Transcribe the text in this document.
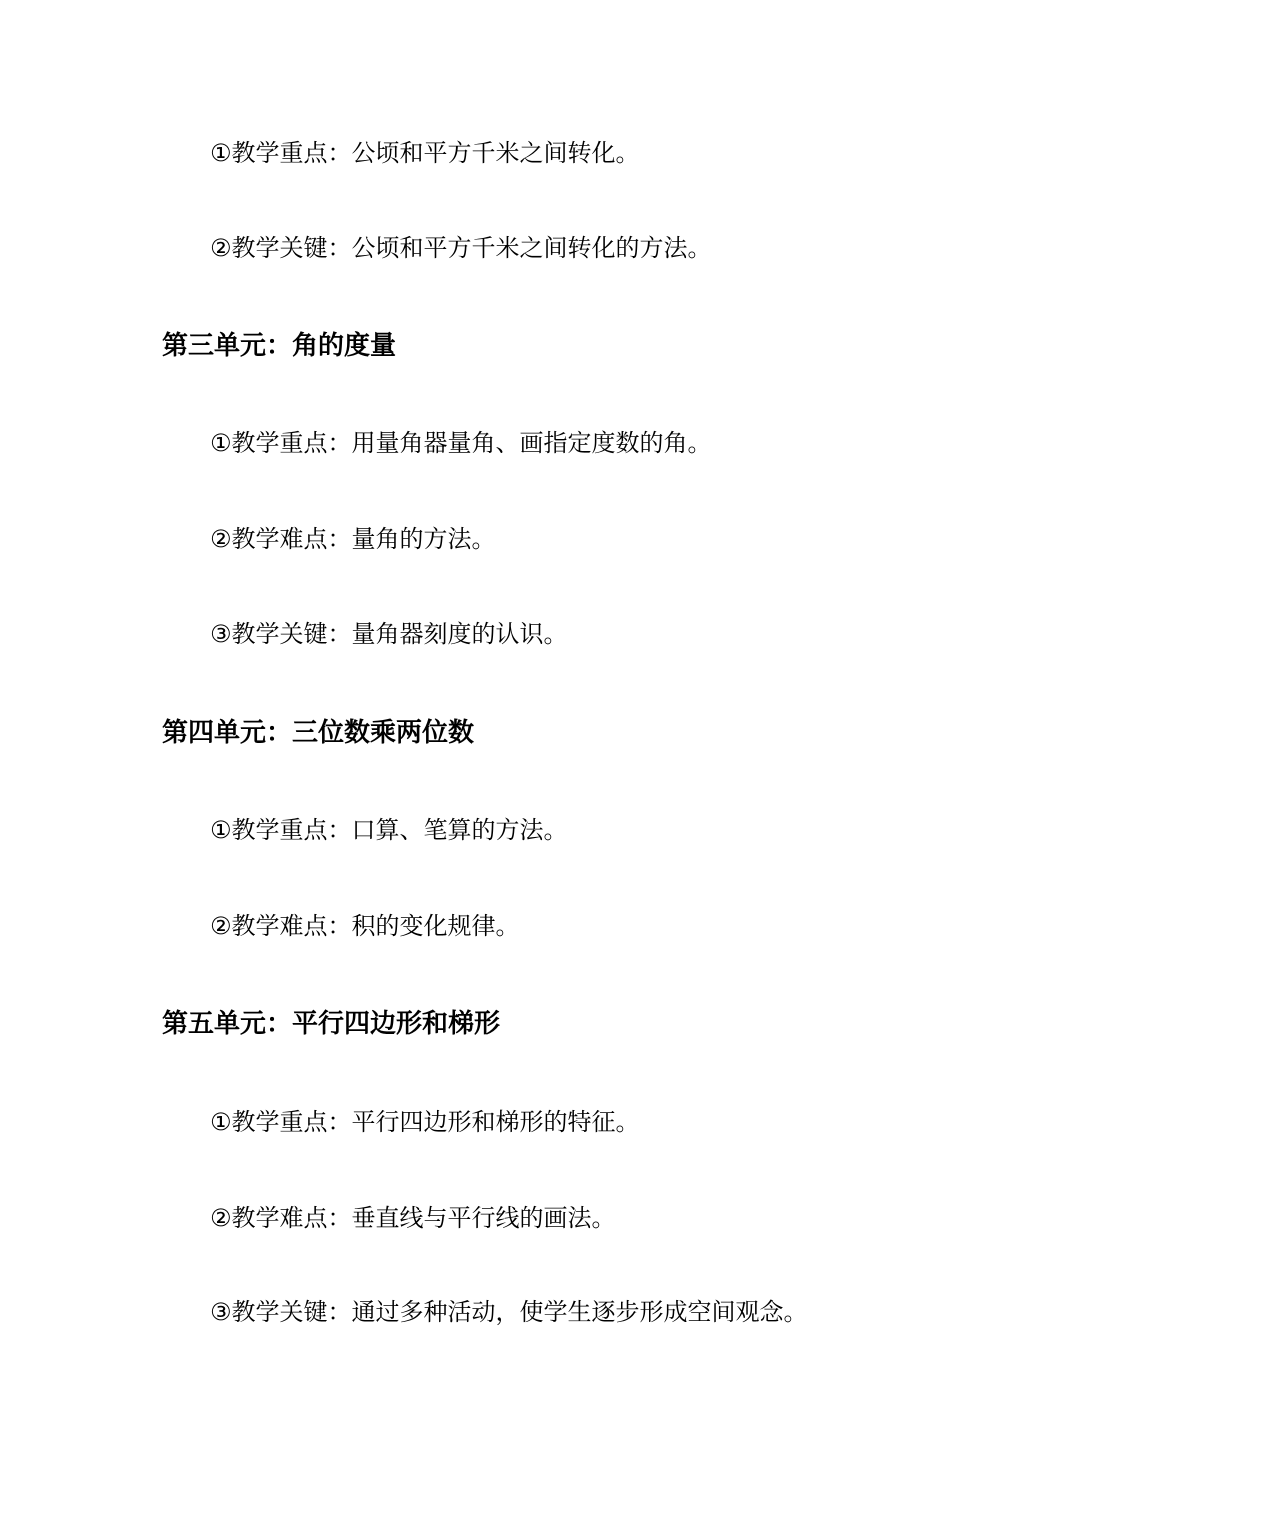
①教学重点：公顷和平方千米之间转化。
②教学关键：公顷和平方千米之间转化的方法。
第三单元：角的度量
①教学重点：用量角器量角、画指定度数的角。
②教学难点：量角的方法。
③教学关键：量角器刻度的认识。
第四单元：三位数乘两位数
①教学重点：口算、笔算的方法。
②教学难点：积的变化规律。
第五单元：平行四边形和梯形
①教学重点：平行四边形和梯形的特征。
②教学难点：垂直线与平行线的画法。
③教学关键：通过多种活动，使学生逐步形成空间观念。
